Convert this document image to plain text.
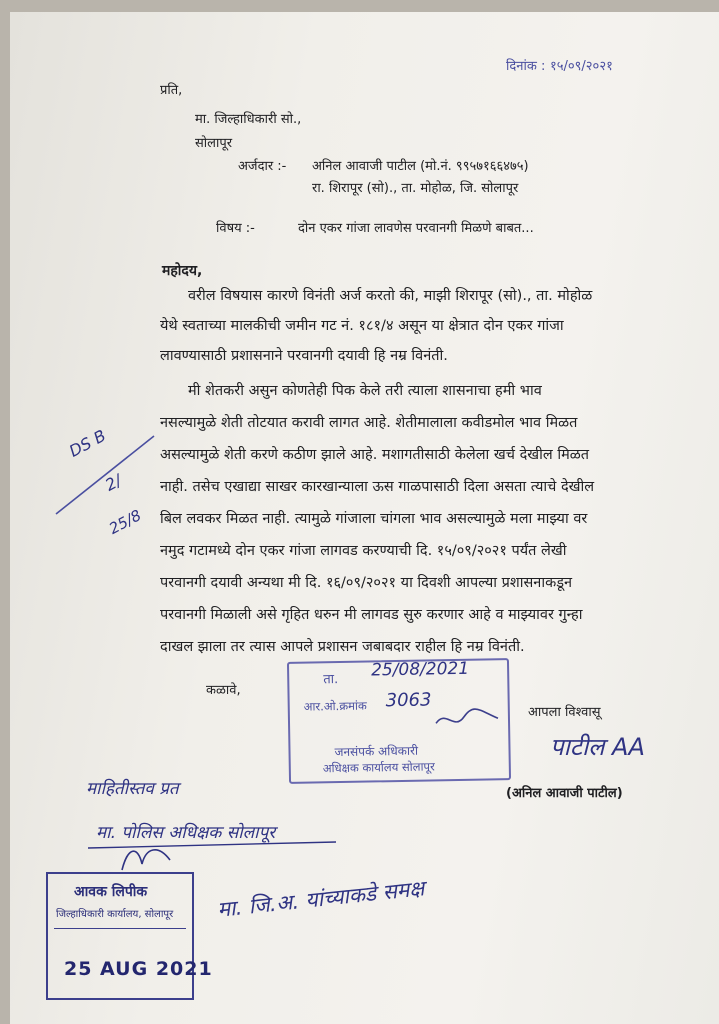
दिनांक : १५/०९/२०२१
प्रति,
मा. जिल्हाधिकारी सो.,
सोलापूर
अर्जदार :- अनिल आवाजी पाटील (मो.नं. ९९५७१६६४७५)
रा. शिरापूर (सो)., ता. मोहोळ, जि. सोलापूर
विषय :-	दोन एकर गांजा लावणेस परवानगी मिळणे बाबत...
महोदय,
वरील विषयास कारणे विनंती अर्ज करतो की, माझी शिरापूर (सो)., ता. मोहोळ
येथे स्वताच्या मालकीची जमीन गट नं. १८१/४ असून या क्षेत्रात दोन एकर गांजा
लावण्यासाठी प्रशासनाने परवानगी दयावी हि नम्र विनंती.
मी शेतकरी असुन कोणतेही पिक केले तरी त्याला शासनाचा हमी भाव
नसल्यामुळे शेती तोटयात करावी लागत आहे. शेतीमालाला कवीडमोल भाव मिळत
असल्यामुळे शेती करणे कठीण झाले आहे. मशागतीसाठी केलेला खर्च देखील मिळत
नाही. तसेच एखाद्या साखर कारखान्याला ऊस गाळपासाठी दिला असता त्याचे देखील
बिल लवकर मिळत नाही. त्यामुळे गांजाला चांगला भाव असल्यामुळे मला माझ्या वर
नमुद गटामध्ये दोन एकर गांजा लागवड करण्याची दि. १५/०९/२०२१ पर्यंत लेखी
परवानगी दयावी अन्यथा मी दि. १६/०९/२०२१ या दिवशी आपल्या प्रशासनाकडून
परवानगी मिळाली असे गृहित धरुन मी लागवड सुरु करणार आहे व माझ्यावर गुन्हा
दाखल झाला तर त्यास आपले प्रशासन जबाबदार राहील हि नम्र विनंती.
कळावे,
आपला विश्वासू
पाटील AA
(अनिल आवाजी पाटील)
ता. 25/08/2021
आर.ओ.क्रमांक 3063
जनसंपर्क अधिकारी
अधिक्षक कार्यालय सोलापूर
DS B
2/
25/8
माहितीस्तव प्रत
मा. पोलिस अधिक्षक सोलापूर
मा. जि.अ. यांच्याकडे समक्ष
आवक लिपीक
जिल्हाधिकारी कार्यालय, सोलापूर
25 AUG 2021
